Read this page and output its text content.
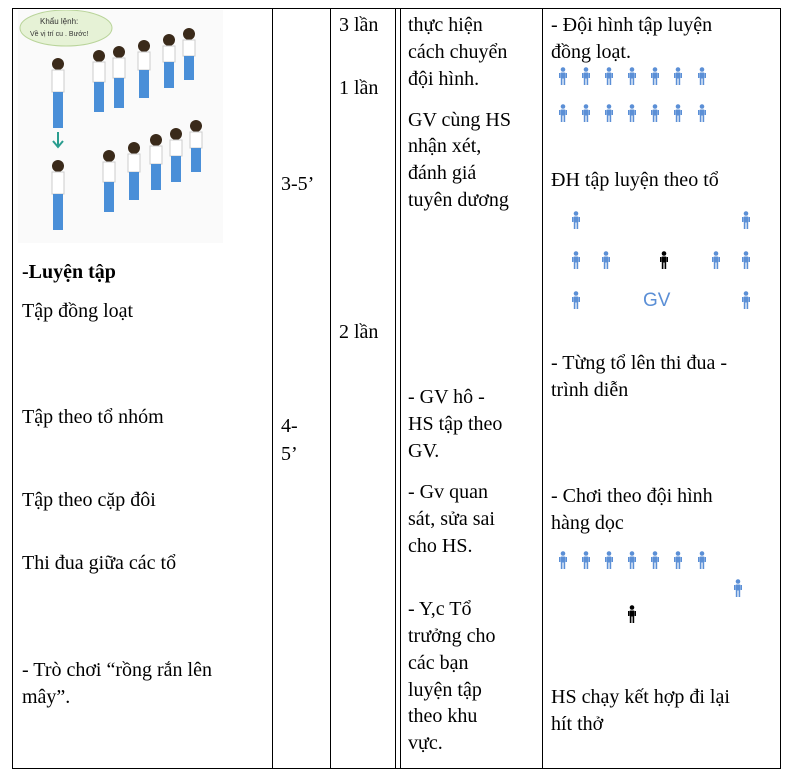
Khẩu lệnh:
Về vị trí cu . Bước!
-Luyện tập
Tập đồng loạt
Tập theo tổ nhóm
Tập theo cặp đôi
Thi đua giữa các tổ
- Trò chơi “rồng rắn lên
mây”.
3-5’
4-
5’
3 lần
1 lần
2 lần
thực hiện
cách chuyển
đội hình.
GV cùng HS
nhận xét,
đánh giá
tuyên dương
- GV hô -
HS tập theo
GV.
- Gv quan
sát, sửa sai
cho HS.
- Y,c Tổ
trưởng cho
các bạn
luyện tập
theo khu
vực.
- Đội hình tập luyện
đồng loạt.
ĐH tập luyện theo tổ
GV
- Từng tổ lên thi đua -
trình diễn
- Chơi theo đội hình
hàng dọc
HS chạy kết hợp đi lại
hít thở
